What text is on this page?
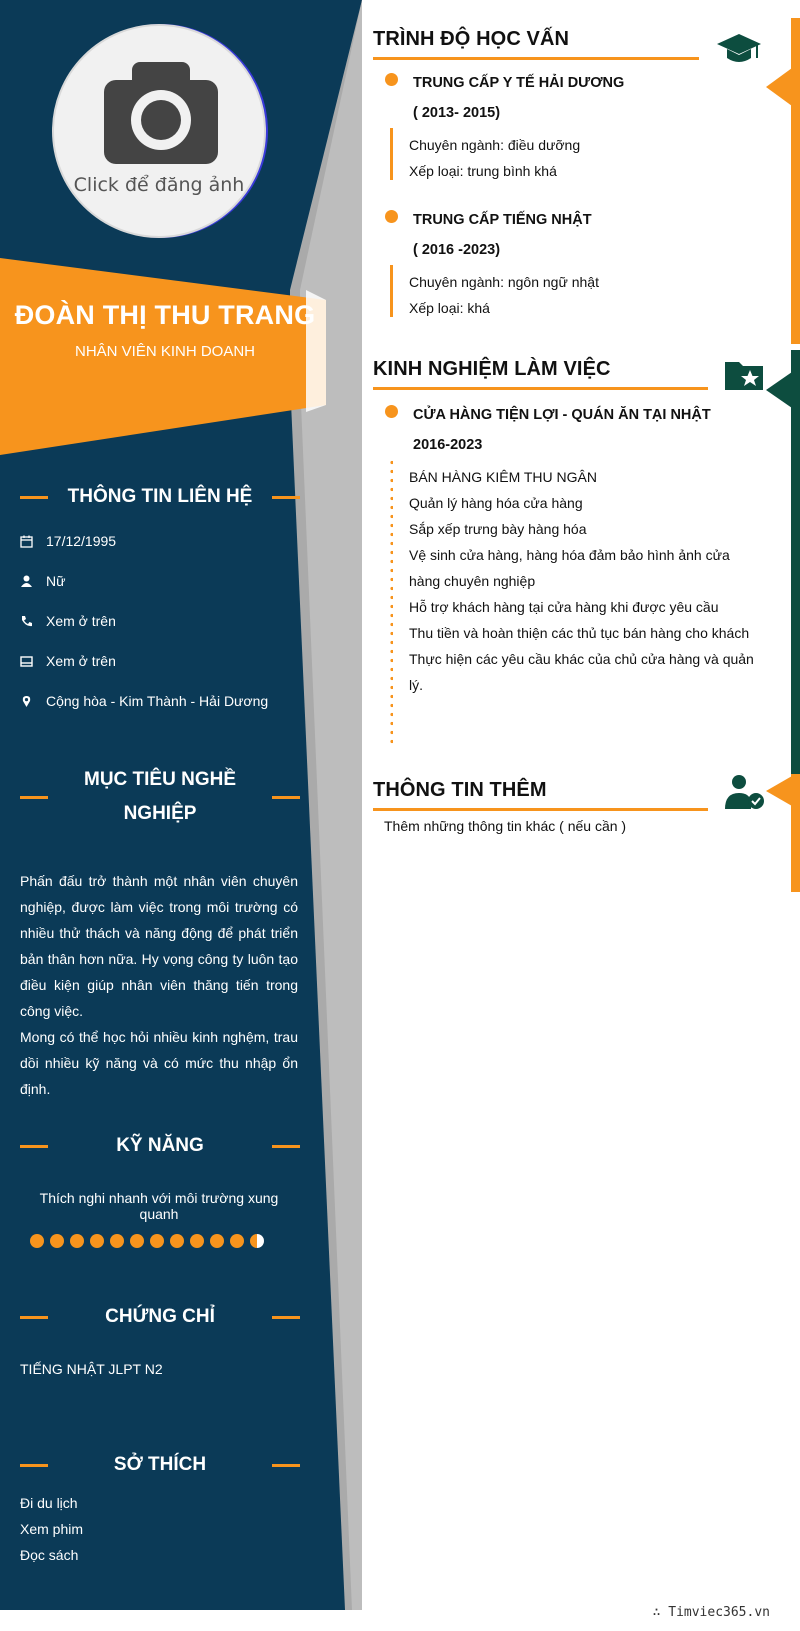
Click để đăng ảnh
ĐOÀN THỊ THU TRANG
NHÂN VIÊN KINH DOANH
THÔNG TIN LIÊN HỆ
17/12/1995
Nữ
Xem ở trên
Xem ở trên
Cộng hòa - Kim Thành - Hải Dương
MỤC TIÊU NGHỀ NGHIỆP
Phấn đấu trở thành một nhân viên chuyên nghiệp, được làm việc trong môi trường có nhiều thử thách và năng động để phát triển bản thân hơn nữa. Hy vọng công ty luôn tạo điều kiện giúp nhân viên thăng tiến trong công việc.
Mong có thể học hỏi nhiều kinh nghệm, trau dồi nhiều kỹ năng và có mức thu nhập ổn định.
KỸ NĂNG
Thích nghi nhanh với môi trường xung quanh
CHỨNG CHỈ
TIẾNG NHẬT JLPT N2
SỞ THÍCH
Đi du lịch
Xem phim
Đọc sách
TRÌNH ĐỘ HỌC VẤN
TRUNG CẤP Y TẾ HẢI DƯƠNG
( 2013- 2015)
Chuyên ngành: điều dưỡng
Xếp loại: trung bình khá
TRUNG CẤP TIẾNG NHẬT
( 2016 -2023)
Chuyên ngành: ngôn ngữ nhật
Xếp loại: khá
KINH NGHIỆM LÀM VIỆC
CỬA HÀNG TIỆN LỢI - QUÁN ĂN TẠI NHẬT
2016-2023
BÁN HÀNG KIÊM THU NGÂN
Quản lý hàng hóa cửa hàng
Sắp xếp trưng bày hàng hóa
Vệ sinh cửa hàng, hàng hóa đảm bảo hình ảnh cửa hàng chuyên nghiệp
Hỗ trợ khách hàng tại cửa hàng khi được yêu cầu
Thu tiền và hoàn thiện các thủ tục bán hàng cho khách
Thực hiện các yêu cầu khác của chủ cửa hàng và quản lý.
THÔNG TIN THÊM
Thêm những thông tin khác ( nếu cần )
∴ Timviec365.vn
